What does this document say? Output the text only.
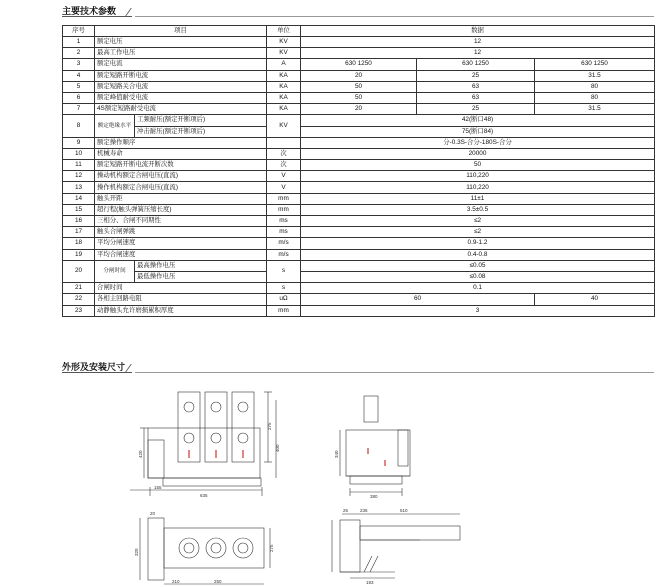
主要技术参数
序号	项目		单位	数据		
1	额定电压		KV	12		
2	最高工作电压		KV	12		
3	额定电流		A	630 1250	630 1250	630 1250
4	额定短路开断电流		KA	20	25	31.5
5	额定短路关合电流		KA	50	63	80
6	额定峰值耐受电流		KA	50	63	80
7	4S额定短路耐受电流		KA	20	25	31.5
8	额定绝缘水平	工频耐压(额定开断项后)	KV	42(断口48)		
		冲击耐压(额定开断项后)		75(断口84)		
9	额定操作顺序			分-0.3S-合分-180S-合分		
10	机械寿命		次	20000		
11	额定短路开断电流开断次数		次	50		
12	操动机构额定合闸电压(直流)		V	110,220		
13	操作机构额定合闸电压(直流)		V	110,220		
14	触头开距		mm	11±1		
15	超行程(触头弹簧压缩长度)		mm	3.5±0.5		
16	三相分、合闸不同期性		ms	≤2		
17	触头合闸弹跳		ms	≤2		
18	平均分闸速度		m/s	0.9-1.2		
19	平均合闸速度		m/s	0.4-0.8		
20	分闸时间	最高操作电压	s	≤0.05		
		最低操作电压		≤0.08		
21	合闸时间		s	0.1		
22	各相主回路电阻		uΩ	60		40
23	动静触头允许磨损累积厚度		mm	3		
外形及安装尺寸
275
400
420
155
635
340
380
20
320
210	250
275
26	235	510
193
